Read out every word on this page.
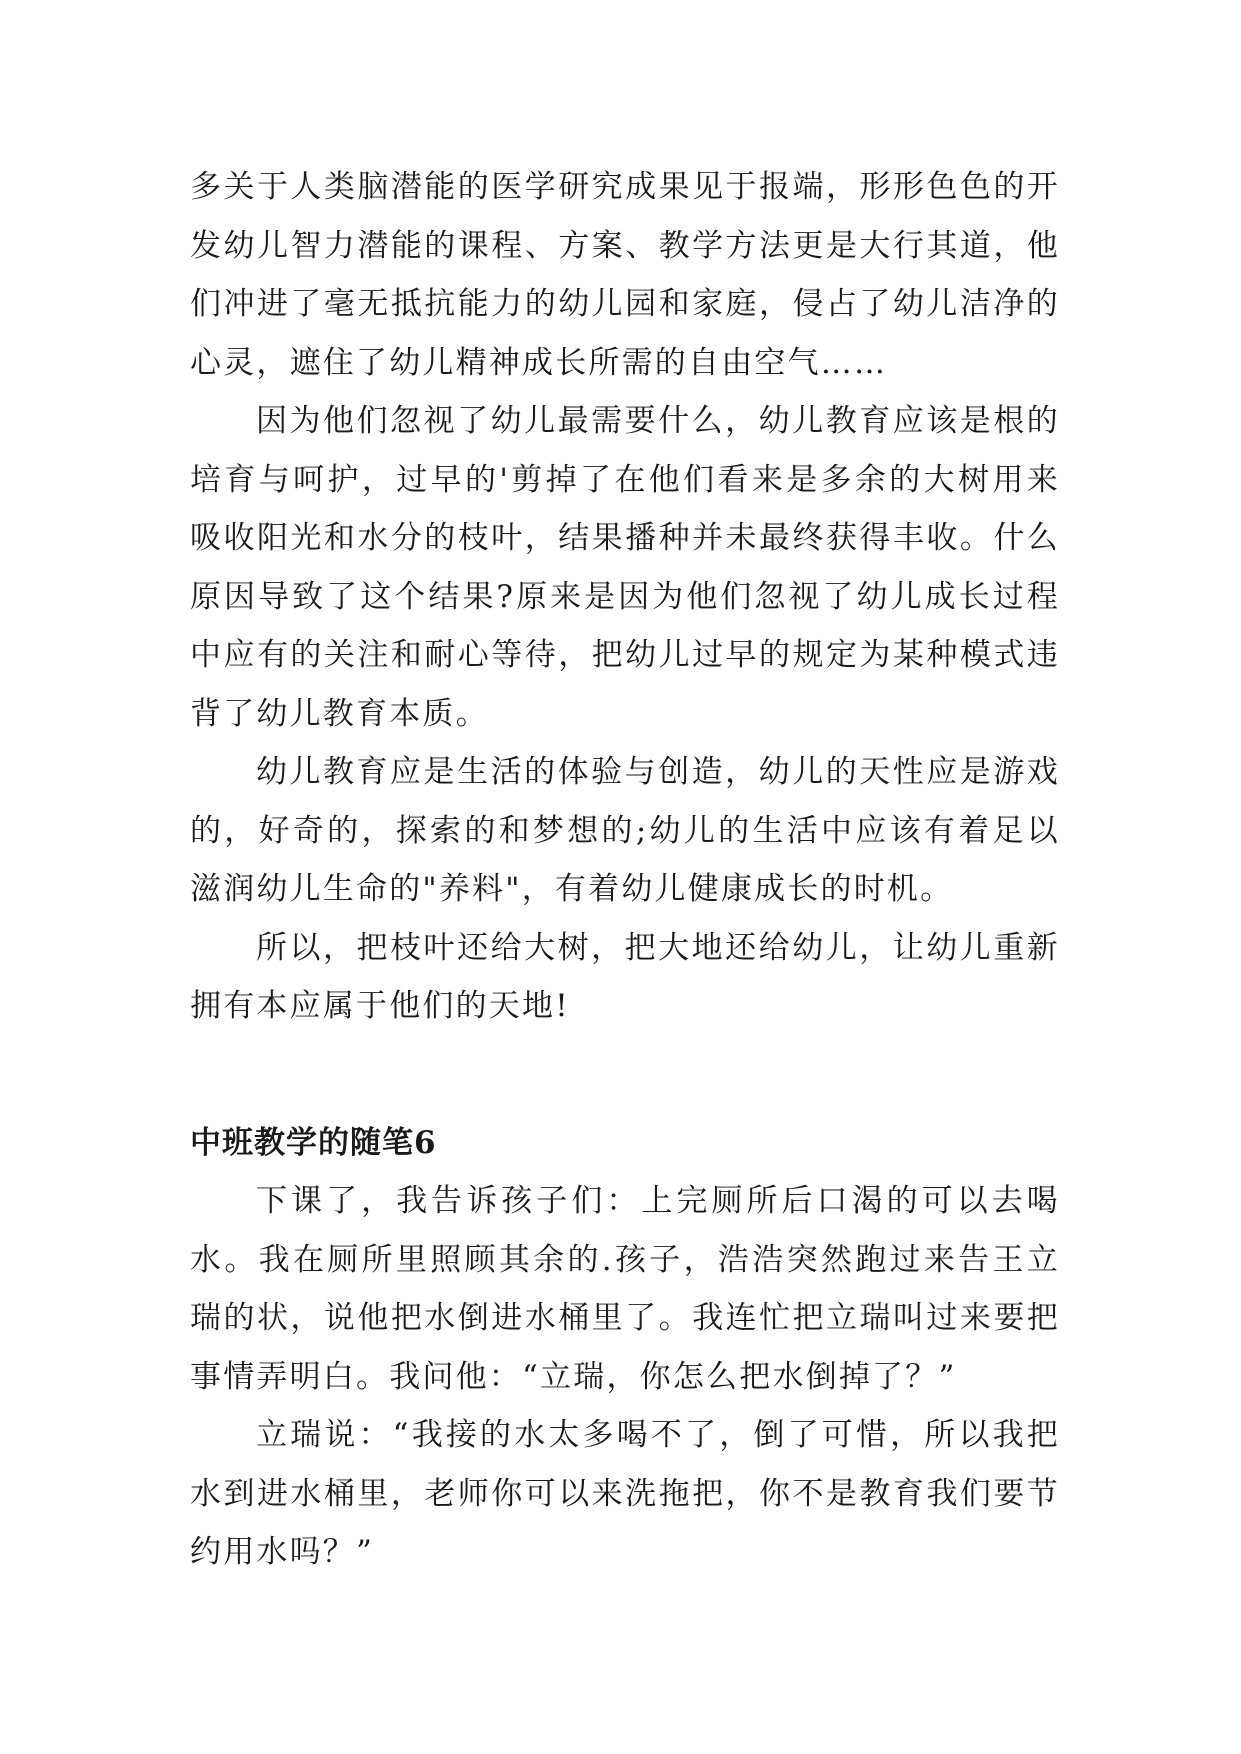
多关于人类脑潜能的医学研究成果见于报端，形形色色的开发幼儿智力潜能的课程、方案、教学方法更是大行其道，他们冲进了毫无抵抗能力的幼儿园和家庭，侵占了幼儿洁净的心灵，遮住了幼儿精神成长所需的自由空气……

因为他们忽视了幼儿最需要什么，幼儿教育应该是根的培育与呵护，过早的'剪掉了在他们看来是多余的大树用来吸收阳光和水分的枝叶，结果播种并未最终获得丰收。什么原因导致了这个结果?原来是因为他们忽视了幼儿成长过程中应有的关注和耐心等待，把幼儿过早的规定为某种模式违背了幼儿教育本质。

幼儿教育应是生活的体验与创造，幼儿的天性应是游戏的，好奇的，探索的和梦想的;幼儿的生活中应该有着足以滋润幼儿生命的"养料"，有着幼儿健康成长的时机。

所以，把枝叶还给大树，把大地还给幼儿，让幼儿重新拥有本应属于他们的天地!

中班教学的随笔6

下课了，我告诉孩子们：上完厕所后口渴的可以去喝水。我在厕所里照顾其余的.孩子，浩浩突然跑过来告王立瑞的状，说他把水倒进水桶里了。我连忙把立瑞叫过来要把事情弄明白。我问他：“立瑞，你怎么把水倒掉了？”

立瑞说：“我接的水太多喝不了，倒了可惜，所以我把水到进水桶里，老师你可以来洗拖把，你不是教育我们要节约用水吗？”
